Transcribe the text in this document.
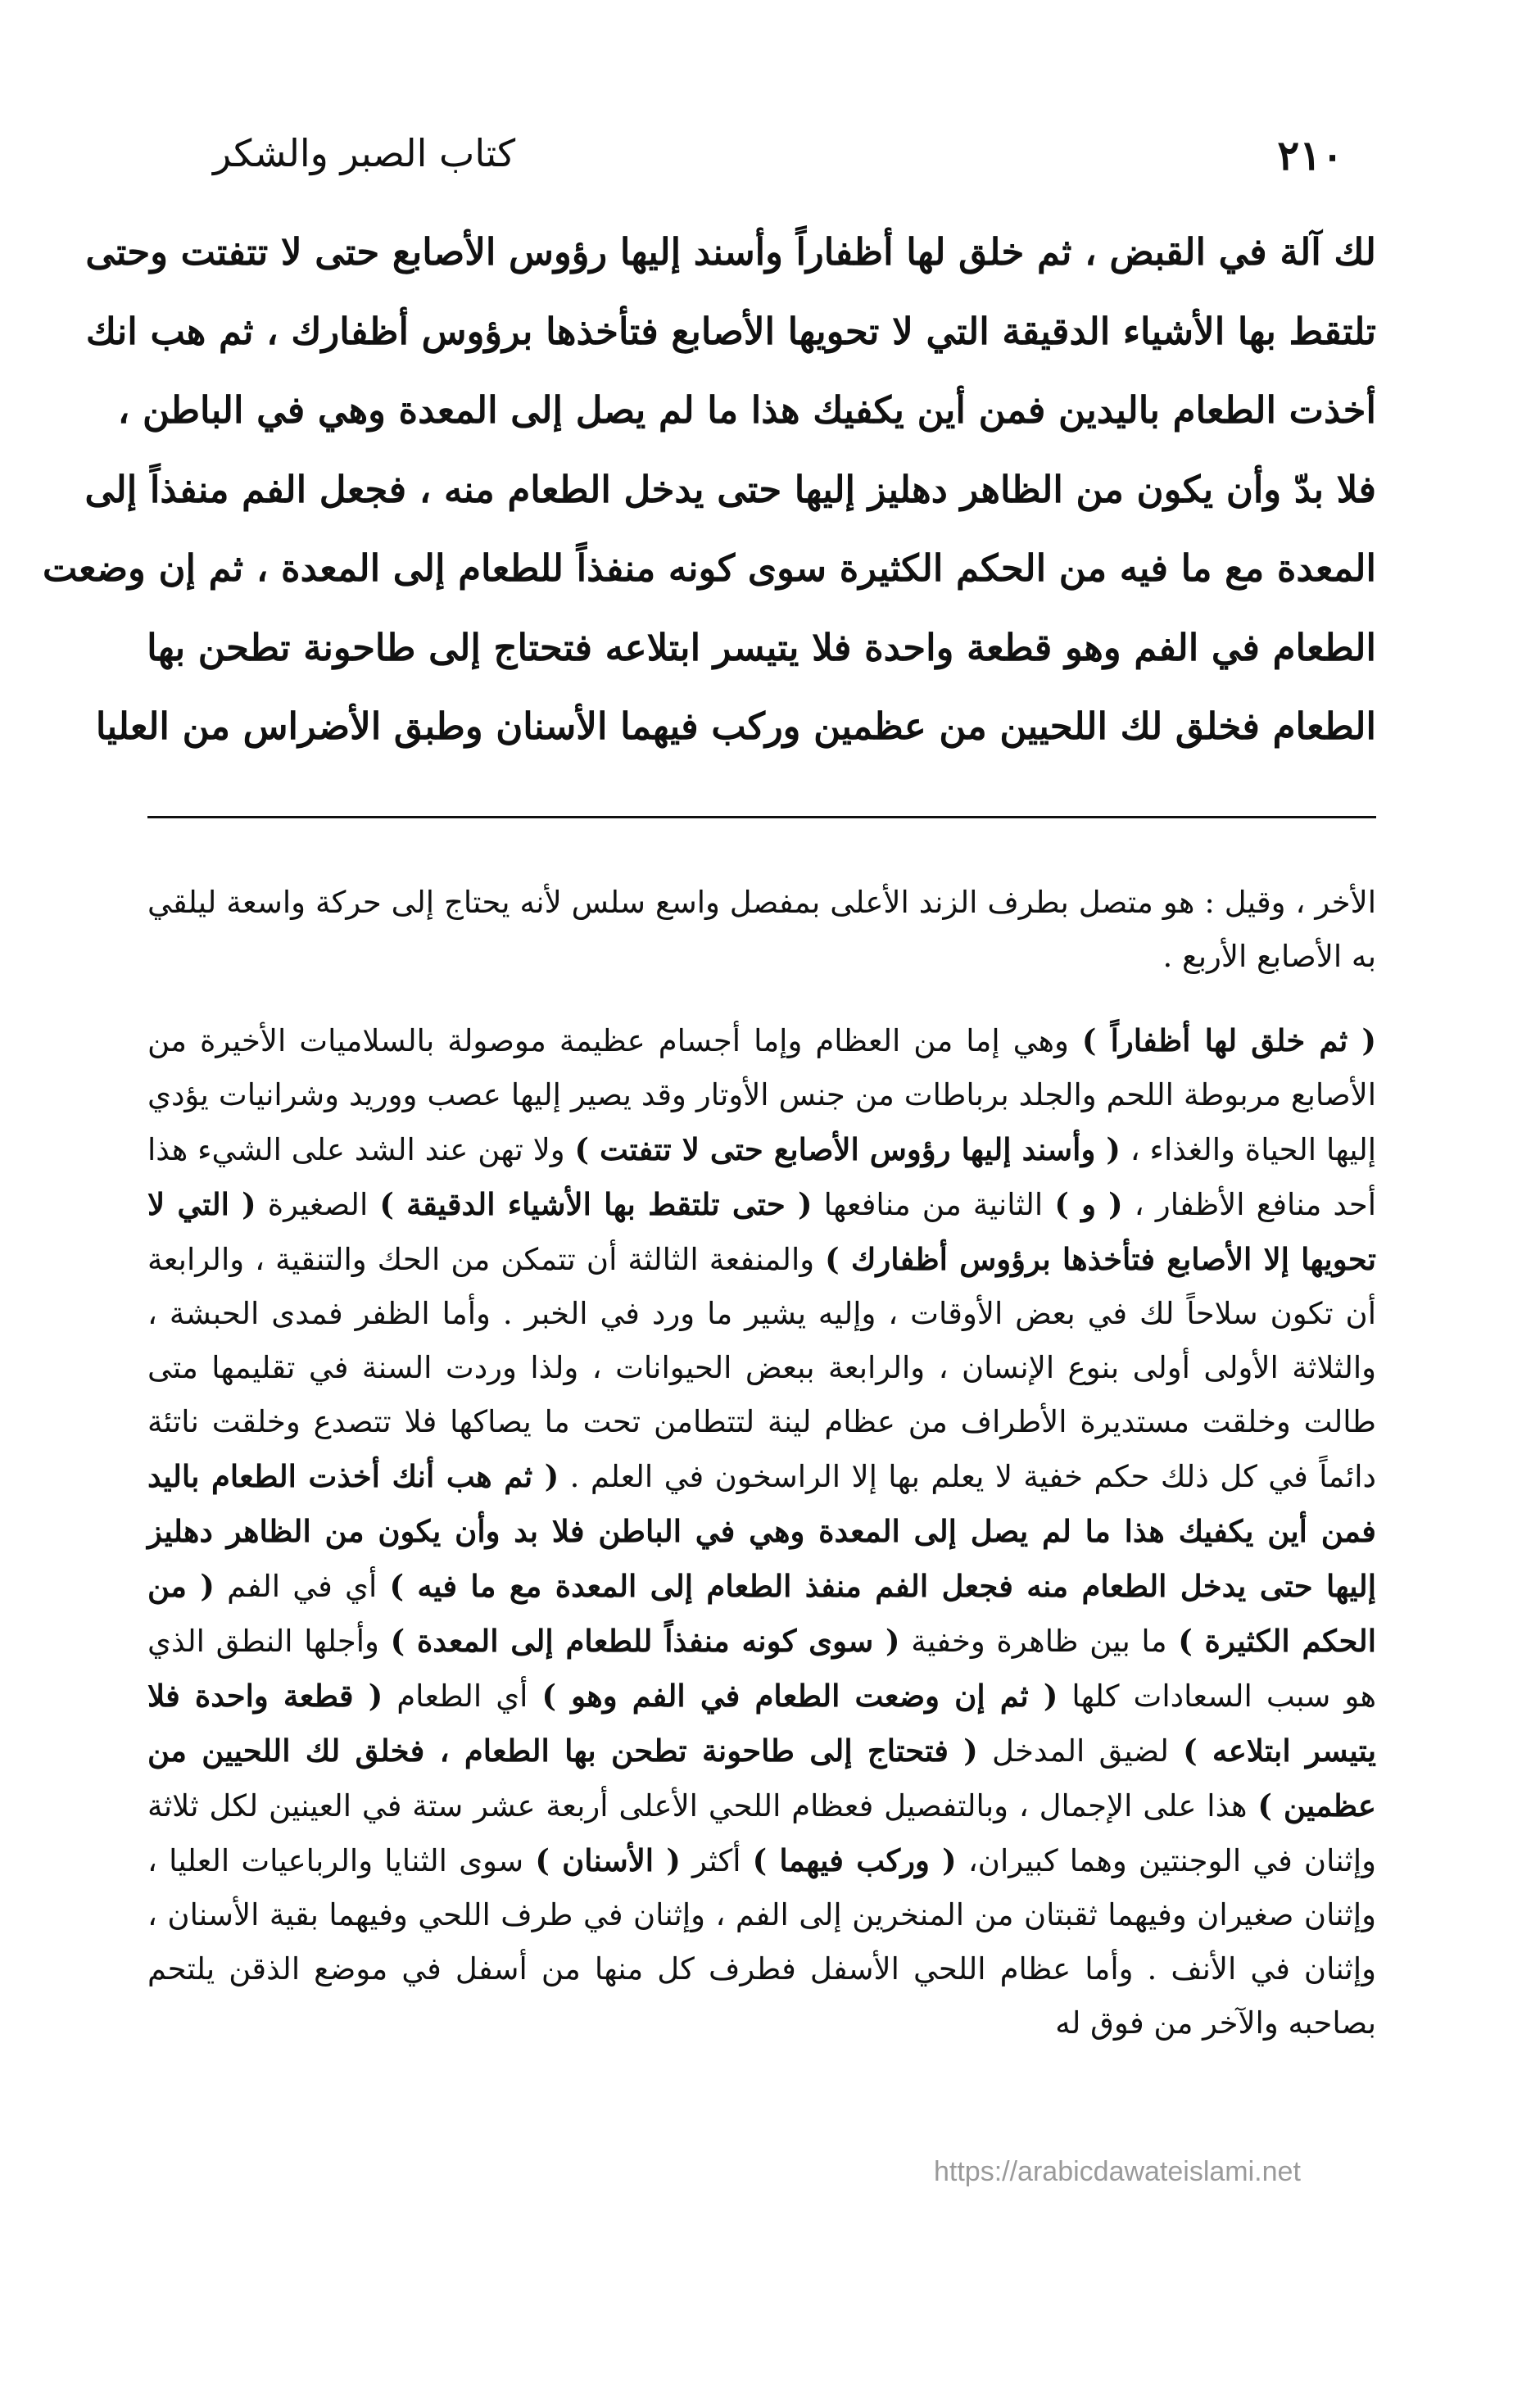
٢١٠
كتاب الصبر والشكر
لك آلة في القبض ، ثم خلق لها أظفاراً وأسند إليها رؤوس الأصابع حتى لا تتفتت وحتى
تلتقط بها الأشياء الدقيقة التي لا تحويها الأصابع فتأخذها برؤوس أظفارك ، ثم هب انك
أخذت الطعام باليدين فمن أين يكفيك هذا ما لم يصل إلى المعدة وهي في الباطن ،
فلا بدّ وأن يكون من الظاهر دهليز إليها حتى يدخل الطعام منه ، فجعل الفم منفذاً إلى
المعدة مع ما فيه من الحكم الكثيرة سوى كونه منفذاً للطعام إلى المعدة ، ثم إن وضعت
الطعام في الفم وهو قطعة واحدة فلا يتيسر ابتلاعه فتحتاج إلى طاحونة تطحن بها
الطعام فخلق لك اللحيين من عظمين وركب فيهما الأسنان وطبق الأضراس من العليا

الأخر ، وقيل : هو متصل بطرف الزند الأعلى بمفصل واسع سلس لأنه يحتاج إلى حركة واسعة ليلقي به الأصابع الأربع .

( ثم خلق لها أظفاراً ) وهي إما من العظام وإما أجسام عظيمة موصولة بالسلاميات الأخيرة من الأصابع مربوطة اللحم والجلد برباطات من جنس الأوتار وقد يصير إليها عصب ووريد وشرانيات يؤدي إليها الحياة والغذاء ، ( وأسند إليها رؤوس الأصابع حتى لا تتفتت ) ولا تهن عند الشد على الشيء هذا أحد منافع الأظفار ، ( و ) الثانية من منافعها ( حتى تلتقط بها الأشياء الدقيقة ) الصغيرة ( التي لا تحويها إلا الأصابع فتأخذها برؤوس أظفارك ) والمنفعة الثالثة أن تتمكن من الحك والتنقية ، والرابعة أن تكون سلاحاً لك في بعض الأوقات ، وإليه يشير ما ورد في الخبر . وأما الظفر فمدى الحبشة ، والثلاثة الأولى أولى بنوع الإنسان ، والرابعة ببعض الحيوانات ، ولذا وردت السنة في تقليمها متى طالت وخلقت مستديرة الأطراف من عظام لينة لتتطامن تحت ما يصاكها فلا تتصدع وخلقت ناتئة دائماً في كل ذلك حكم خفية لا يعلم بها إلا الراسخون في العلم . ( ثم هب أنك أخذت الطعام باليد فمن أين يكفيك هذا ما لم يصل إلى المعدة وهي في الباطن فلا بد وأن يكون من الظاهر دهليز إليها حتى يدخل الطعام منه فجعل الفم منفذ الطعام إلى المعدة مع ما فيه ) أي في الفم ( من الحكم الكثيرة ) ما بين ظاهرة وخفية ( سوى كونه منفذاً للطعام إلى المعدة ) وأجلها النطق الذي هو سبب السعادات كلها ( ثم إن وضعت الطعام في الفم وهو ) أي الطعام ( قطعة واحدة فلا يتيسر ابتلاعه ) لضيق المدخل ( فتحتاج إلى طاحونة تطحن بها الطعام ، فخلق لك اللحيين من عظمين ) هذا على الإجمال ، وبالتفصيل فعظام اللحي الأعلى أربعة عشر ستة في العينين لكل ثلاثة وإثنان في الوجنتين وهما كبيران، ( وركب فيهما ) أكثر ( الأسنان ) سوى الثنايا والرباعيات العليا ، وإثنان صغيران وفيهما ثقبتان من المنخرين إلى الفم ، وإثنان في طرف اللحي وفيهما بقية الأسنان ، وإثنان في الأنف . وأما عظام اللحي الأسفل فطرف كل منها من أسفل في موضع الذقن يلتحم بصاحبه والآخر من فوق له

https://arabicdawateislami.net
